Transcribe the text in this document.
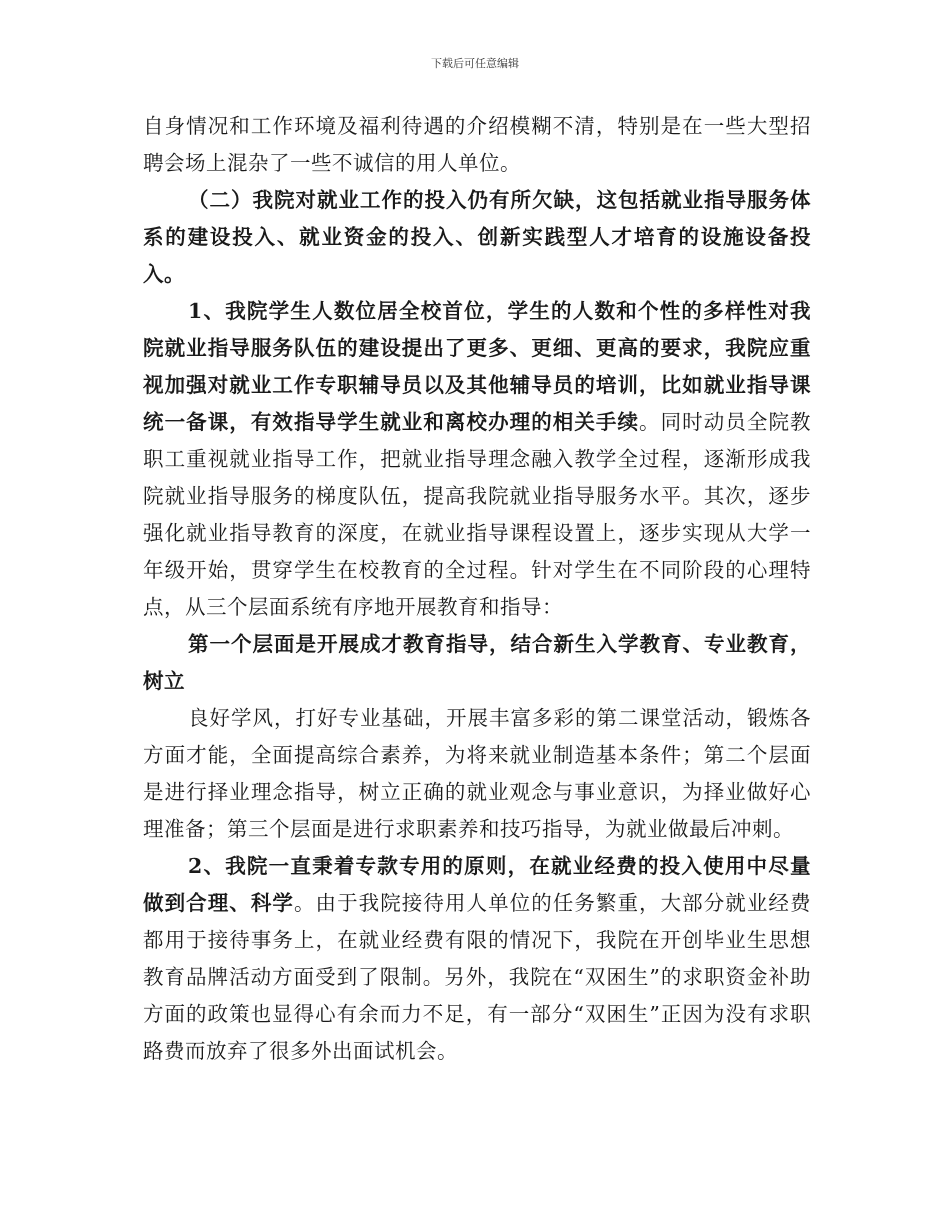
下载后可任意编辑

自身情况和工作环境及福利待遇的介绍模糊不清，特别是在一些大型招聘会场上混杂了一些不诚信的用人单位。

（二）我院对就业工作的投入仍有所欠缺，这包括就业指导服务体系的建设投入、就业资金的投入、创新实践型人才培育的设施设备投入。

1、我院学生人数位居全校首位，学生的人数和个性的多样性对我院就业指导服务队伍的建设提出了更多、更细、更高的要求，我院应重视加强对就业工作专职辅导员以及其他辅导员的培训，比如就业指导课统一备课，有效指导学生就业和离校办理的相关手续。同时动员全院教职工重视就业指导工作，把就业指导理念融入教学全过程，逐渐形成我院就业指导服务的梯度队伍，提高我院就业指导服务水平。其次，逐步强化就业指导教育的深度，在就业指导课程设置上，逐步实现从大学一年级开始，贯穿学生在校教育的全过程。针对学生在不同阶段的心理特点，从三个层面系统有序地开展教育和指导：

第一个层面是开展成才教育指导，结合新生入学教育、专业教育，树立

良好学风，打好专业基础，开展丰富多彩的第二课堂活动，锻炼各方面才能，全面提高综合素养，为将来就业制造基本条件；第二个层面是进行择业理念指导，树立正确的就业观念与事业意识，为择业做好心理准备；第三个层面是进行求职素养和技巧指导，为就业做最后冲刺。

2、我院一直秉着专款专用的原则，在就业经费的投入使用中尽量做到合理、科学。由于我院接待用人单位的任务繁重，大部分就业经费都用于接待事务上，在就业经费有限的情况下，我院在开创毕业生思想教育品牌活动方面受到了限制。另外，我院在“双困生”的求职资金补助方面的政策也显得心有余而力不足，有一部分“双困生”正因为没有求职路费而放弃了很多外出面试机会。
